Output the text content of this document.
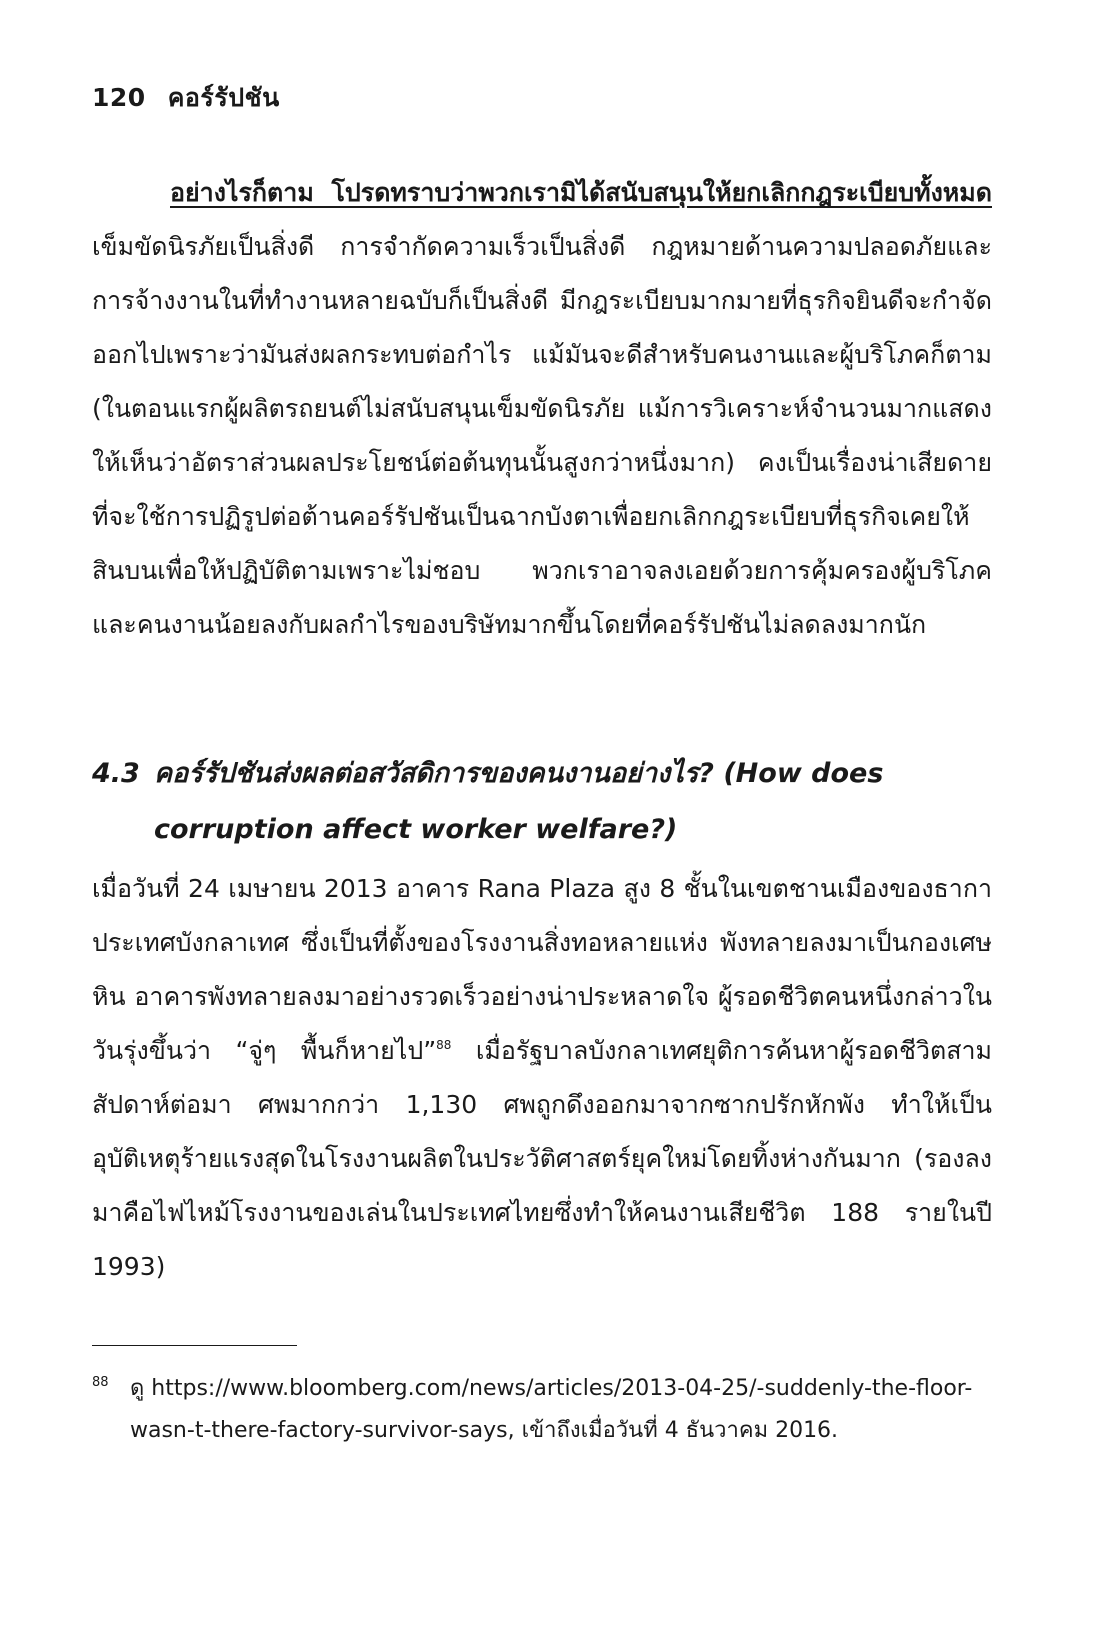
120 คอร์รัปชัน
อย่างไรก็ตาม โปรดทราบว่าพวกเรามิได้สนับสนุนให้ยกเลิกกฎระเบียบทั้งหมด เข็มขัดนิรภัยเป็นสิ่งดี การจำกัดความเร็วเป็นสิ่งดี กฎหมายด้านความปลอดภัยและการจ้างงานในที่ทำงานหลายฉบับก็เป็นสิ่งดี มีกฎระเบียบมากมายที่ธุรกิจยินดีจะกำจัดออกไปเพราะว่ามันส่งผลกระทบต่อกำไร แม้มันจะดีสำหรับคนงานและผู้บริโภคก็ตาม (ในตอนแรกผู้ผลิตรถยนต์ไม่สนับสนุนเข็มขัดนิรภัย แม้การวิเคราะห์จำนวนมากแสดงให้เห็นว่าอัตราส่วนผลประโยชน์ต่อต้นทุนนั้นสูงกว่าหนึ่งมาก) คงเป็นเรื่องน่าเสียดายที่จะใช้การปฏิรูปต่อต้านคอร์รัปชันเป็นฉากบังตาเพื่อยกเลิกกฎระเบียบที่ธุรกิจเคยให้สินบนเพื่อให้ปฏิบัติตามเพราะไม่ชอบ พวกเราอาจลงเอยด้วยการคุ้มครองผู้บริโภคและคนงานน้อยลงกับผลกำไรของบริษัทมากขึ้นโดยที่คอร์รัปชันไม่ลดลงมากนัก
4.3 คอร์รัปชันส่งผลต่อสวัสดิการของคนงานอย่างไร? (How does
corruption affect worker welfare?)
เมื่อวันที่ 24 เมษายน 2013 อาคาร Rana Plaza สูง 8 ชั้นในเขตชานเมืองของธากา ประเทศบังกลาเทศ ซึ่งเป็นที่ตั้งของโรงงานสิ่งทอหลายแห่ง พังทลายลงมาเป็นกองเศษหิน อาคารพังทลายลงมาอย่างรวดเร็วอย่างน่าประหลาดใจ ผู้รอดชีวิตคนหนึ่งกล่าวในวันรุ่งขึ้นว่า “จู่ๆ พื้นก็หายไป”$^{88}$ เมื่อรัฐบาลบังกลาเทศยุติการค้นหาผู้รอดชีวิตสามสัปดาห์ต่อมา ศพมากกว่า 1,130 ศพถูกดึงออกมาจากซากปรักหักพัง ทำให้เป็นอุบัติเหตุร้ายแรงสุดในโรงงานผลิตในประวัติศาสตร์ยุคใหม่โดยทิ้งห่างกันมาก (รองลงมาคือไฟไหม้โรงงานของเล่นในประเทศไทยซึ่งทำให้คนงานเสียชีวิต 188 รายในปี 1993)
88 ดู https://www.bloomberg.com/news/articles/2013-04-25/-suddenly-the-floor-wasn-t-there-factory-survivor-says, เข้าถึงเมื่อวันที่ 4 ธันวาคม 2016.
